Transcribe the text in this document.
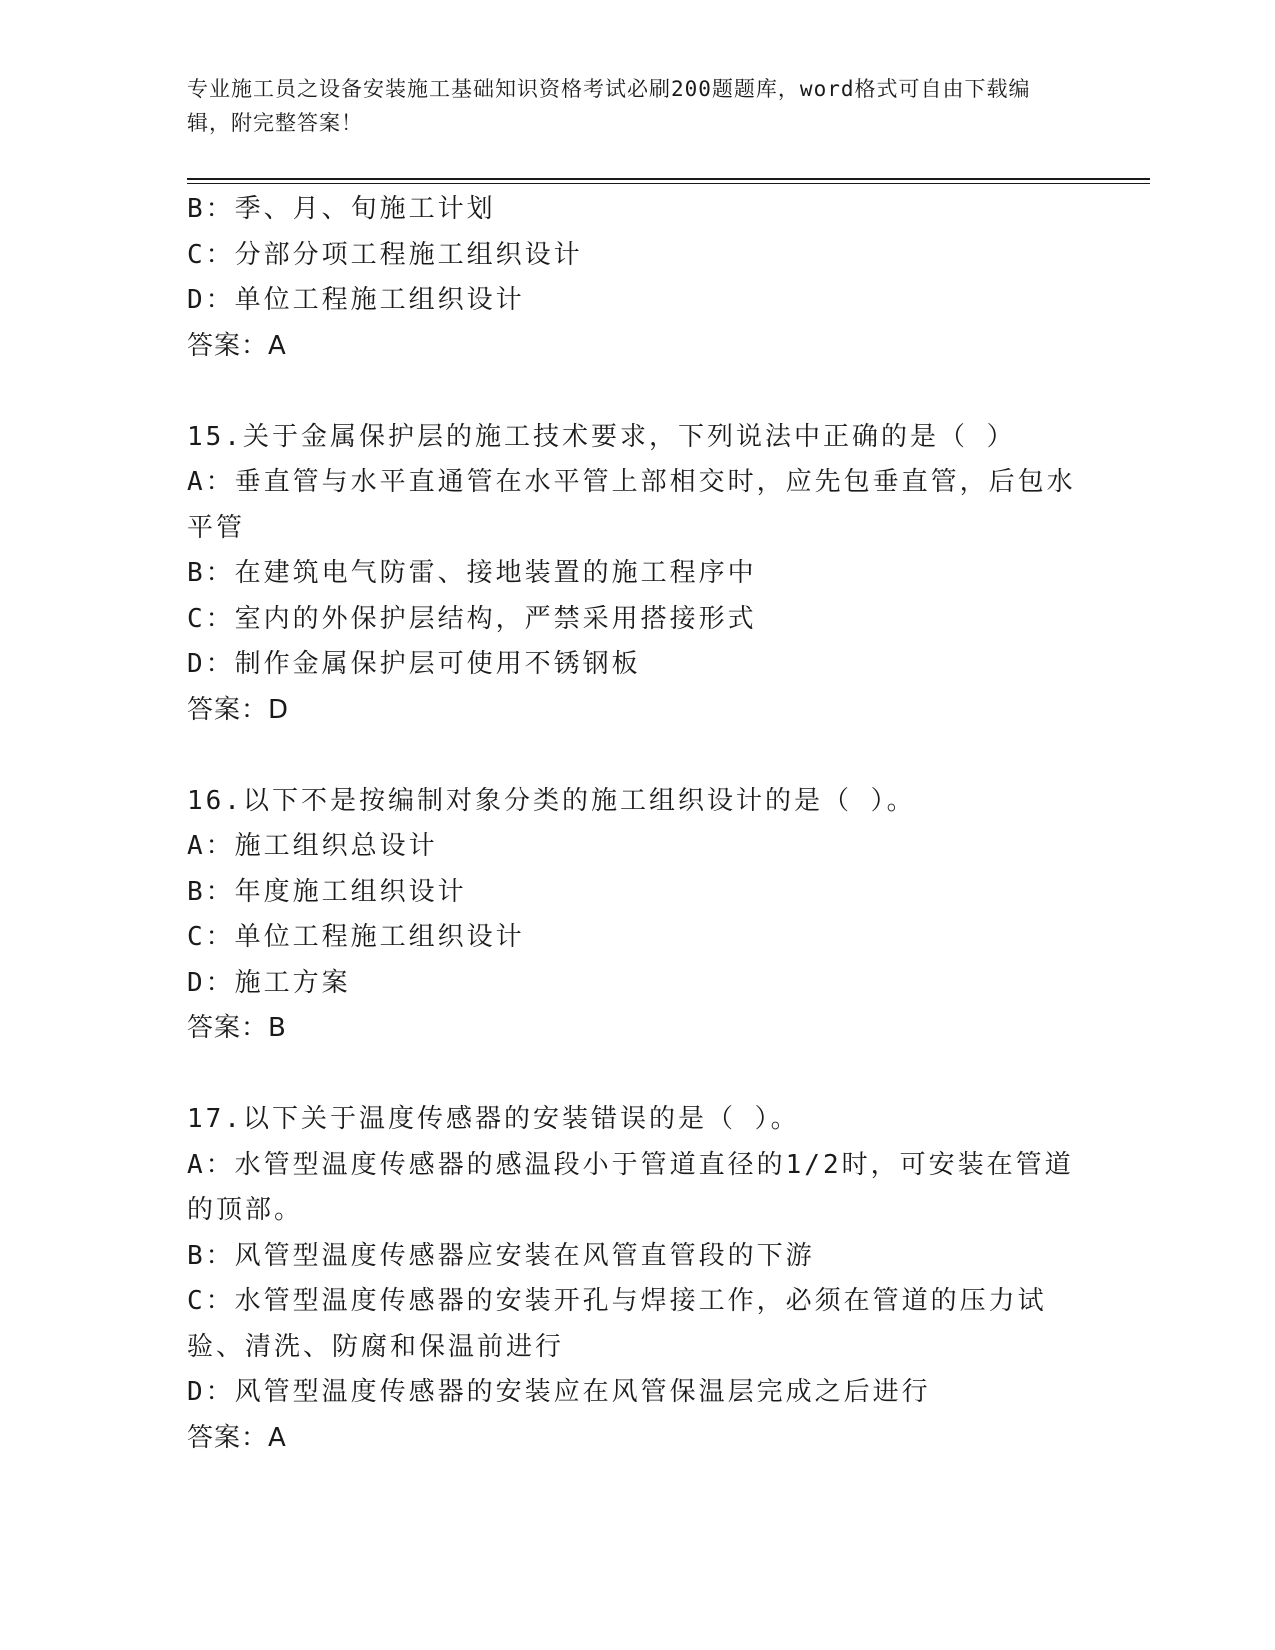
专业施工员之设备安装施工基础知识资格考试必刷200题题库，word格式可自由下载编辑，附完整答案！

B：季、月、旬施工计划

C：分部分项工程施工组织设计

D：单位工程施工组织设计

答案：A

15.关于金属保护层的施工技术要求，下列说法中正确的是（ ）

A：垂直管与水平直通管在水平管上部相交时，应先包垂直管，后包水平管

B：在建筑电气防雷、接地装置的施工程序中

C：室内的外保护层结构，严禁采用搭接形式

D：制作金属保护层可使用不锈钢板

答案：D

16.以下不是按编制对象分类的施工组织设计的是（ ）。

A：施工组织总设计

B：年度施工组织设计

C：单位工程施工组织设计

D：施工方案

答案：B

17.以下关于温度传感器的安装错误的是（ ）。

A：水管型温度传感器的感温段小于管道直径的1/2时，可安装在管道的顶部。

B：风管型温度传感器应安装在风管直管段的下游

C：水管型温度传感器的安装开孔与焊接工作，必须在管道的压力试验、清洗、防腐和保温前进行

D：风管型温度传感器的安装应在风管保温层完成之后进行

答案：A
